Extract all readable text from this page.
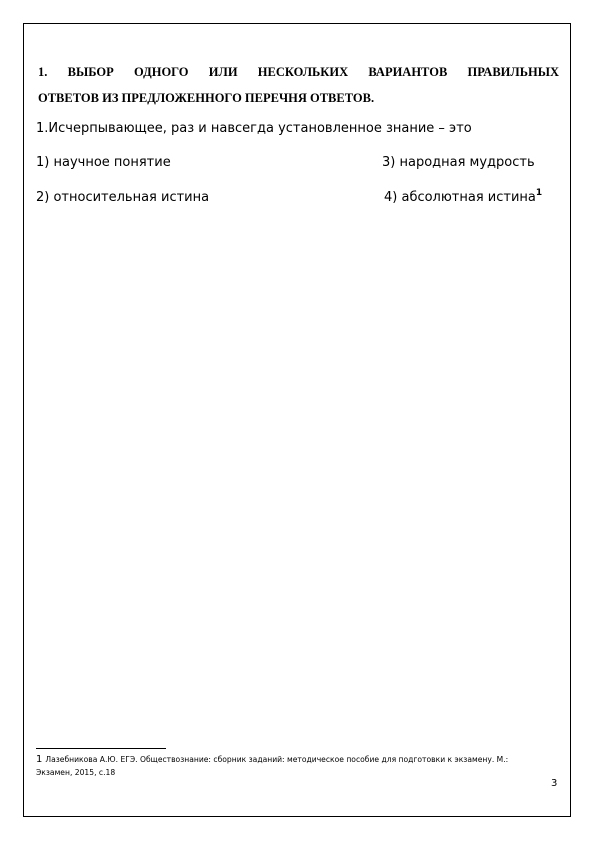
1. ВЫБОР ОДНОГО ИЛИ НЕСКОЛЬКИХ ВАРИАНТОВ ПРАВИЛЬНЫХ
ОТВЕТОВ ИЗ ПРЕДЛОЖЕННОГО ПЕРЕЧНЯ ОТВЕТОВ.
1.Исчерпывающее, раз и навсегда установленное знание – это
1) научное понятие	3) народная мудрость
2) относительная истина	4) абсолютная истина$^1$
1 Лазебникова А.Ю. ЕГЭ. Обществознание: сборник заданий: методическое пособие для подготовки к экзамену. М.: Экзамен, 2015, с.18
3
